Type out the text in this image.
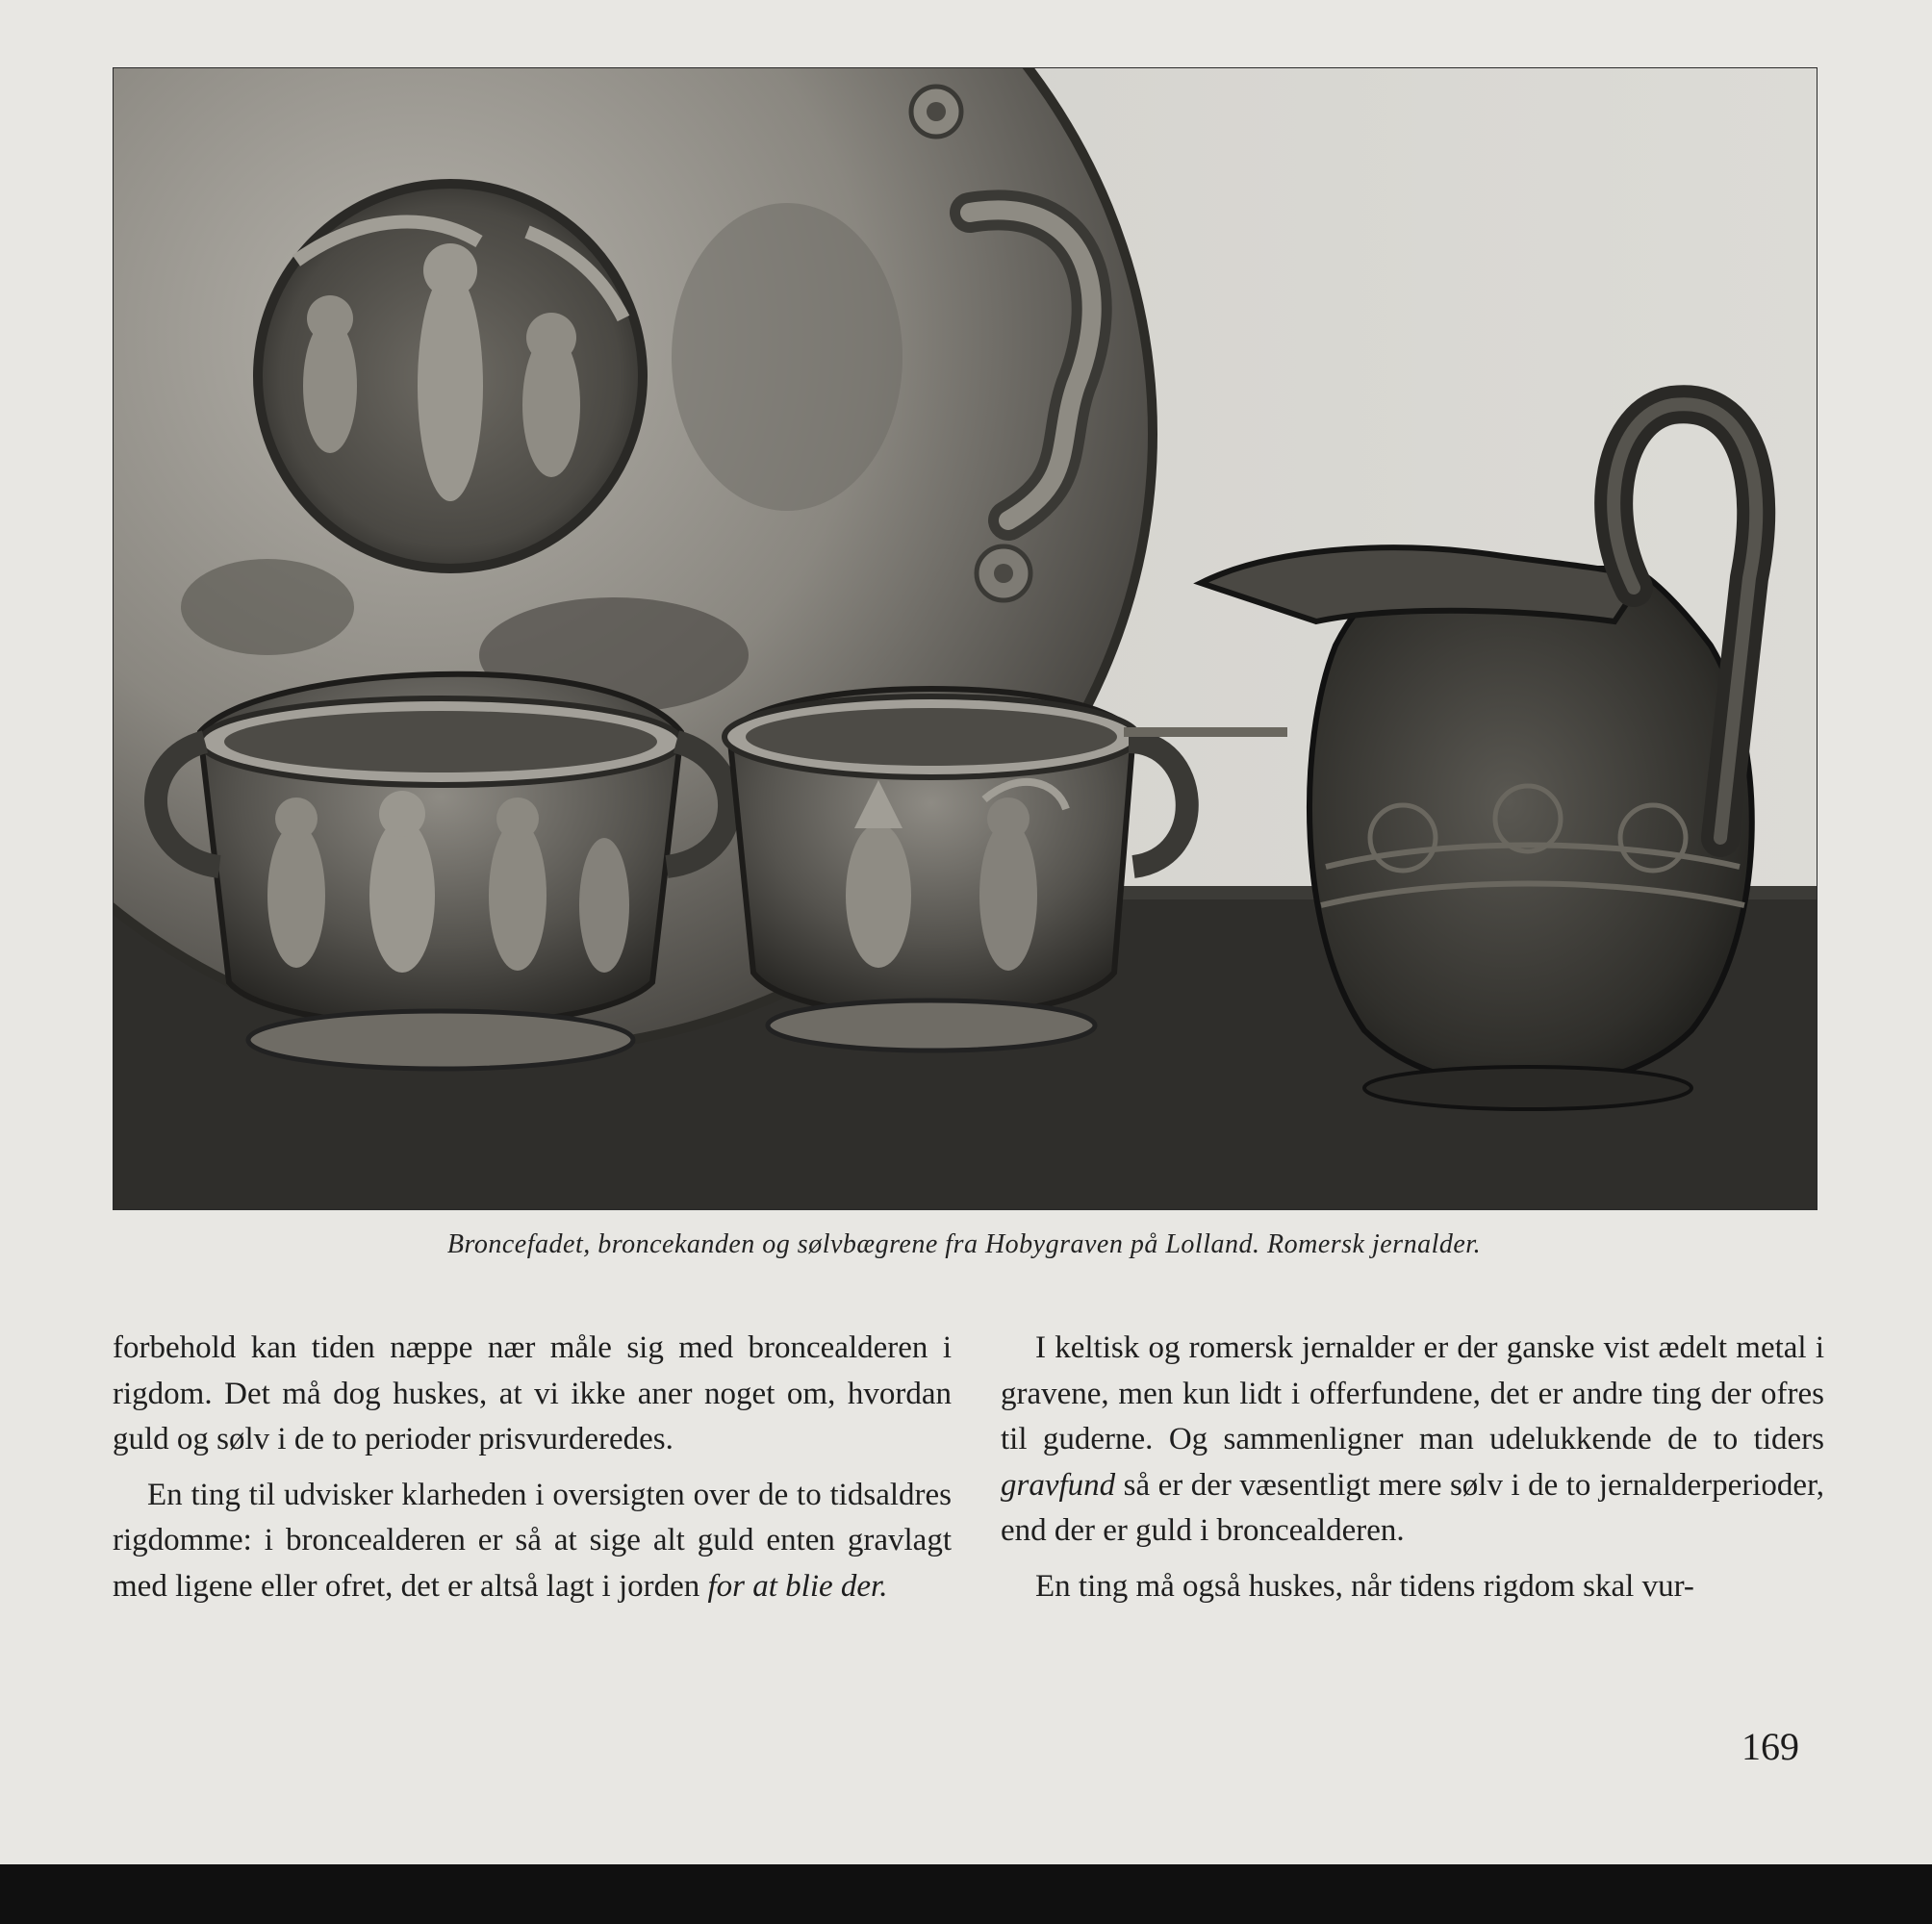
Broncefadet, broncekanden og sølvbægrene fra Hobygraven på Lolland. Romersk jernalder.

forbehold kan tiden næppe nær måle sig med broncealderen i rigdom. Det må dog huskes, at vi ikke aner noget om, hvordan guld og sølv i de to perioder prisvurderedes.

En ting til udvisker klarheden i oversigten over de to tidsaldres rigdomme: i broncealderen er så at sige alt guld enten gravlagt med ligene eller ofret, det er altså lagt i jorden for at blie der.

I keltisk og romersk jernalder er der ganske vist ædelt metal i gravene, men kun lidt i offerfundene, det er andre ting der ofres til guderne. Og sammenligner man udelukkende de to tiders gravfund så er der væsentligt mere sølv i de to jernalderperioder, end der er guld i broncealderen.

En ting må også huskes, når tidens rigdom skal vur-

169
